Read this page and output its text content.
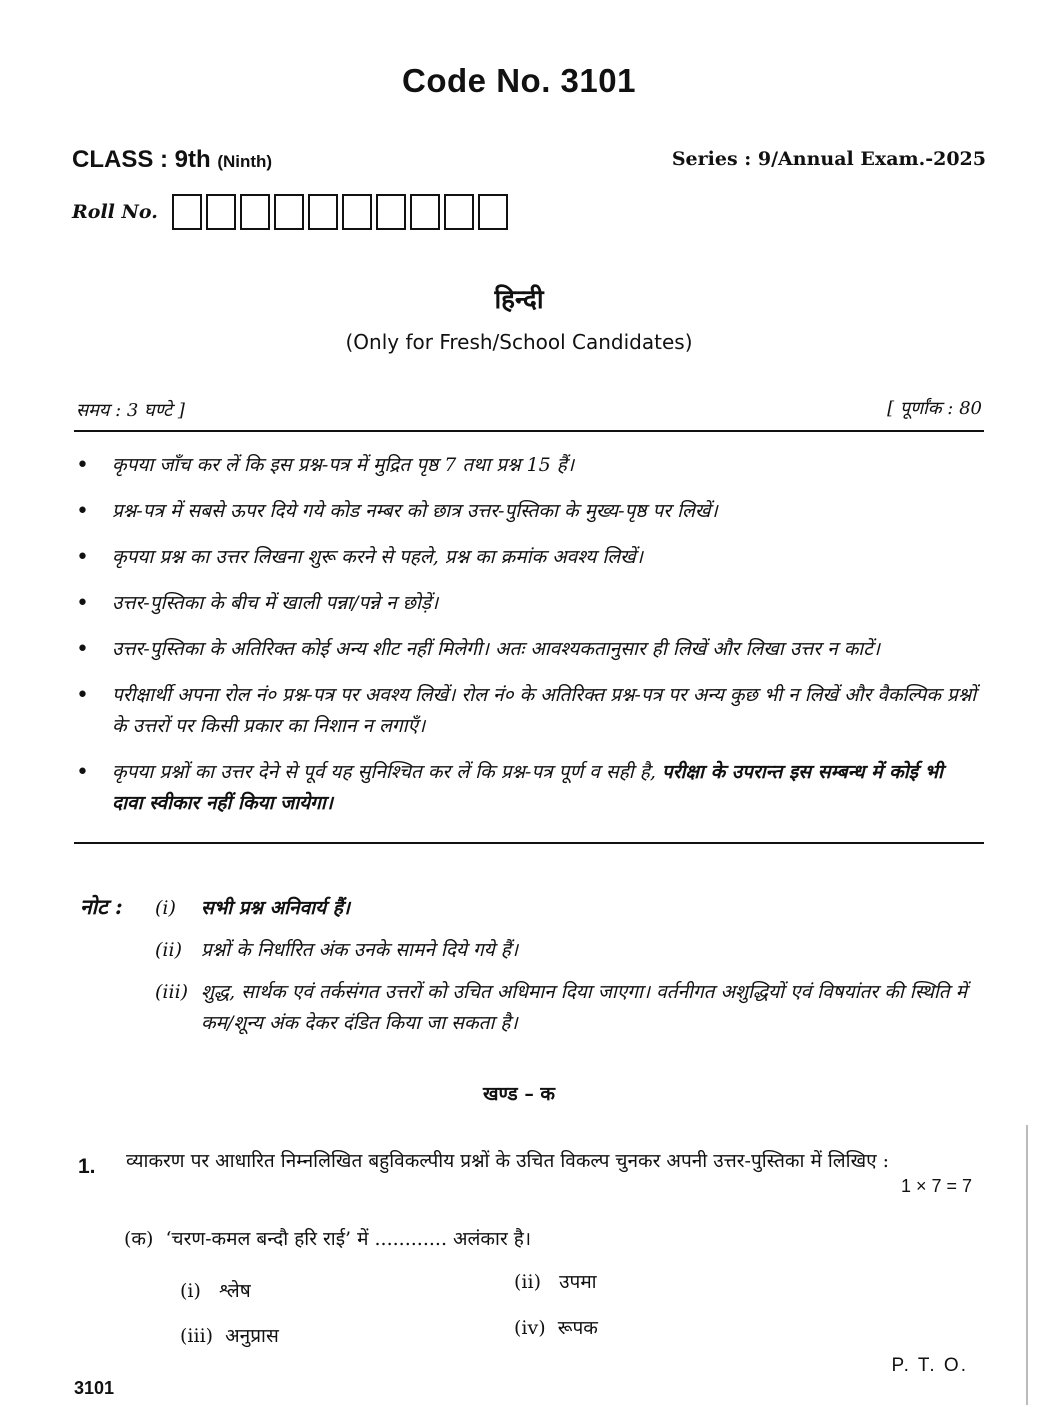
Code No. 3101
CLASS : 9th (Ninth)	Series : 9/Annual Exam.-2025
Roll No.
हिन्दी
(Only for Fresh/School Candidates)
समय : 3 घण्टे ]	[ पूर्णांक : 80
• कृपया जाँच कर लें कि इस प्रश्न-पत्र में मुद्रित पृष्ठ 7 तथा प्रश्न 15 हैं।
• प्रश्न-पत्र में सबसे ऊपर दिये गये कोड नम्बर को छात्र उत्तर-पुस्तिका के मुख्य-पृष्ठ पर लिखें।
• कृपया प्रश्न का उत्तर लिखना शुरू करने से पहले, प्रश्न का क्रमांक अवश्य लिखें।
• उत्तर-पुस्तिका के बीच में खाली पन्ना/पन्ने न छोड़ें।
• उत्तर-पुस्तिका के अतिरिक्त कोई अन्य शीट नहीं मिलेगी। अतः आवश्यकतानुसार ही लिखें और लिखा उत्तर न काटें।
• परीक्षार्थी अपना रोल नं० प्रश्न-पत्र पर अवश्य लिखें। रोल नं० के अतिरिक्त प्रश्न-पत्र पर अन्य कुछ भी न लिखें और वैकल्पिक प्रश्नों के उत्तरों पर किसी प्रकार का निशान न लगाएँ।
• कृपया प्रश्नों का उत्तर देने से पूर्व यह सुनिश्चित कर लें कि प्रश्न-पत्र पूर्ण व सही है, परीक्षा के उपरान्त इस सम्बन्ध में कोई भी दावा स्वीकार नहीं किया जायेगा।
नोट : (i) सभी प्रश्न अनिवार्य हैं।
(ii) प्रश्नों के निर्धारित अंक उनके सामने दिये गये हैं।
(iii) शुद्ध, सार्थक एवं तर्कसंगत उत्तरों को उचित अधिमान दिया जाएगा। वर्तनीगत अशुद्धियों एवं विषयांतर की स्थिति में कम/शून्य अंक देकर दंडित किया जा सकता है।
खण्ड – क
1. व्याकरण पर आधारित निम्नलिखित बहुविकल्पीय प्रश्नों के उचित विकल्प चुनकर अपनी उत्तर-पुस्तिका में लिखिए :
1 × 7 = 7
(क) ‘चरण-कमल बन्दौ हरि राई’ में ............ अलंकार है।
(i) श्लेष	(ii) उपमा
(iii) अनुप्रास	(iv) रूपक
P. T. O.
3101
